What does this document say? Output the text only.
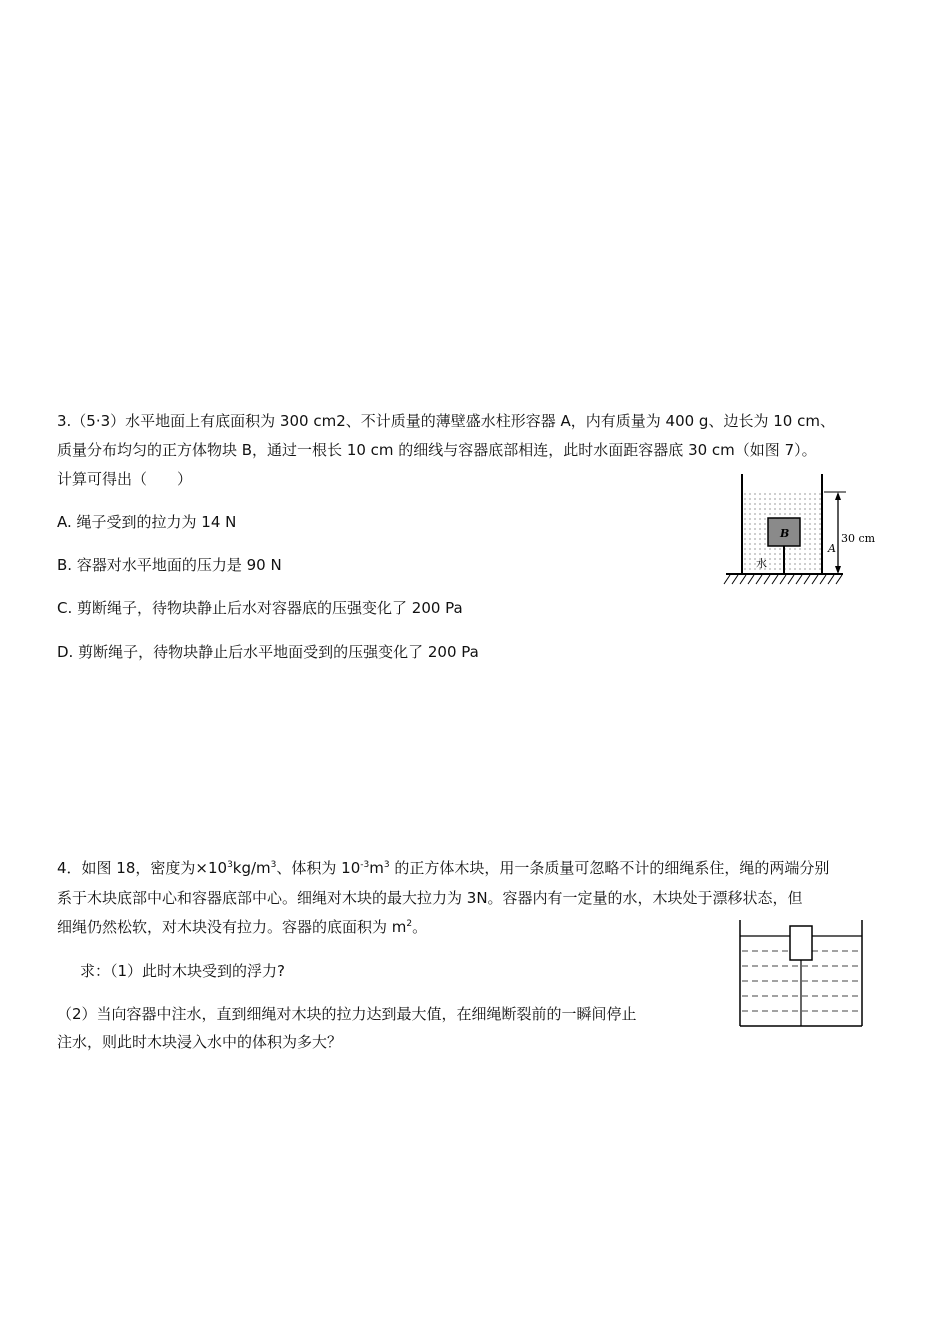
3.（5·3）水平地面上有底面积为 300 cm2、不计质量的薄壁盛水柱形容器 A，内有质量为 400 g、边长为 10 cm、
质量分布均匀的正方体物块 B，通过一根长 10 cm 的细线与容器底部相连，此时水面距容器底 30 cm（如图 7）。
计算可得出（　　）
A. 绳子受到的拉力为 14 N
B. 容器对水平地面的压力是 90 N
C. 剪断绳子，待物块静止后水对容器底的压强变化了 200 Pa
D. 剪断绳子，待物块静止后水平地面受到的压强变化了 200 Pa
B
水
A
30 cm
4．如图 18，密度为$\times 10^3kg/m^3$、体积为 $10^{-3}m^3$ 的正方体木块，用一条质量可忽略不计的细绳系住，绳的两端分别
系于木块底部中心和容器底部中心。细绳对木块的最大拉力为 3N。容器内有一定量的水，木块处于漂移状态，但
细绳仍然松软，对木块没有拉力。容器的底面积为 $m^2$。
求：（1）此时木块受到的浮力?
（2）当向容器中注水，直到细绳对木块的拉力达到最大值，在细绳断裂前的一瞬间停止
注水，则此时木块浸入水中的体积为多大？
